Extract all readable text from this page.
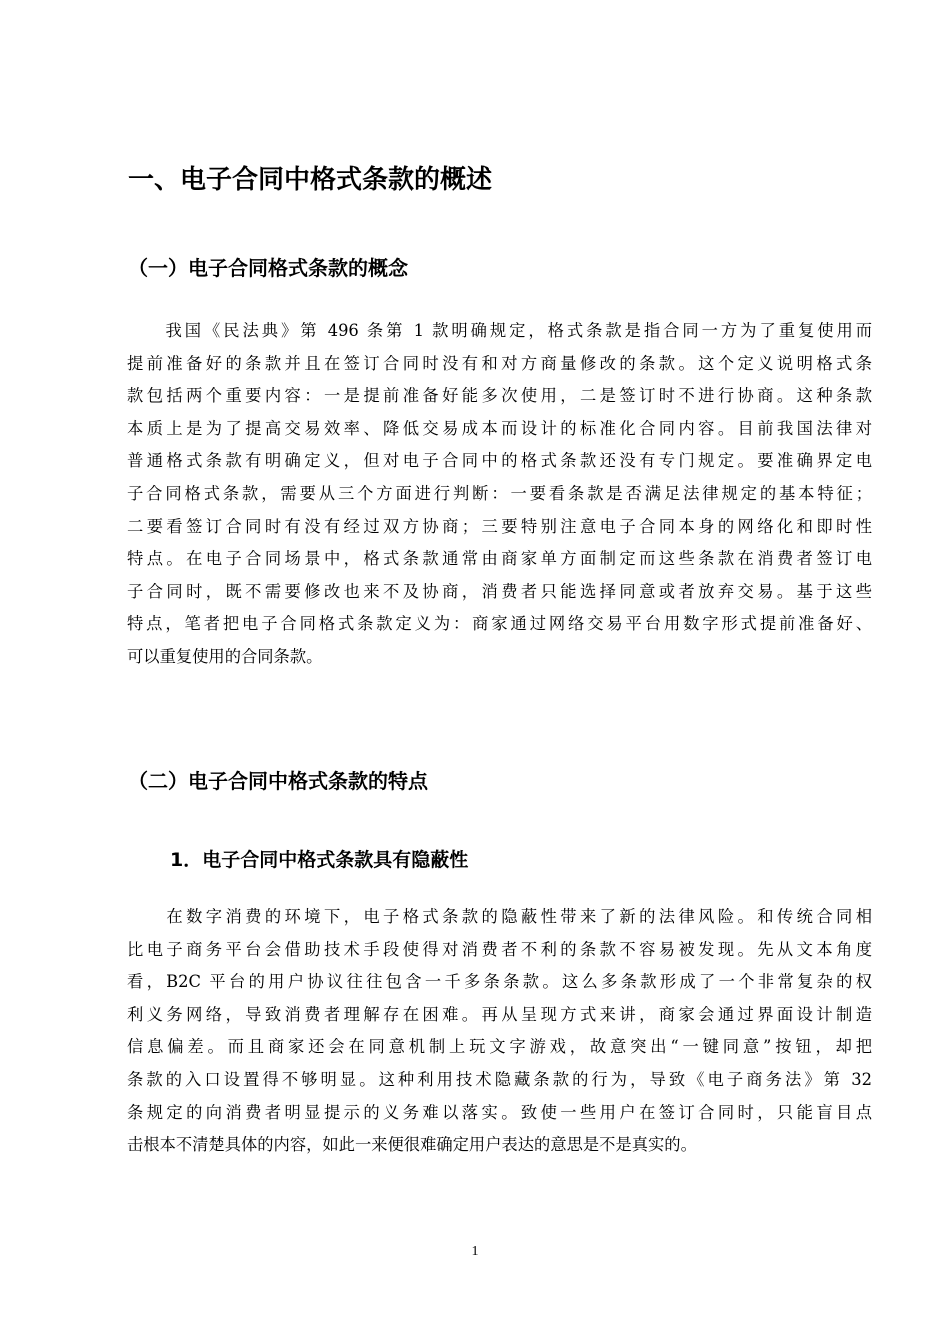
一、电子合同中格式条款的概述
（一）电子合同格式条款的概念
　　我国《民法典》第 496 条第 1 款明确规定，格式条款是指合同一方为了重复使用而
提前准备好的条款并且在签订合同时没有和对方商量修改的条款。这个定义说明格式条
款包括两个重要内容：一是提前准备好能多次使用，二是签订时不进行协商。这种条款
本质上是为了提高交易效率、降低交易成本而设计的标准化合同内容。目前我国法律对
普通格式条款有明确定义，但对电子合同中的格式条款还没有专门规定。要准确界定电
子合同格式条款，需要从三个方面进行判断：一要看条款是否满足法律规定的基本特征；
二要看签订合同时有没有经过双方协商；三要特别注意电子合同本身的网络化和即时性
特点。在电子合同场景中，格式条款通常由商家单方面制定而这些条款在消费者签订电
子合同时，既不需要修改也来不及协商，消费者只能选择同意或者放弃交易。基于这些
特点，笔者把电子合同格式条款定义为：商家通过网络交易平台用数字形式提前准备好、
可以重复使用的合同条款。
（二）电子合同中格式条款的特点
1．电子合同中格式条款具有隐蔽性
　　在数字消费的环境下，电子格式条款的隐蔽性带来了新的法律风险。和传统合同相
比电子商务平台会借助技术手段使得对消费者不利的条款不容易被发现。先从文本角度
看，B2C 平台的用户协议往往包含一千多条条款。这么多条款形成了一个非常复杂的权
利义务网络，导致消费者理解存在困难。再从呈现方式来讲，商家会通过界面设计制造
信息偏差。而且商家还会在同意机制上玩文字游戏，故意突出“一键同意”按钮，却把
条款的入口设置得不够明显。这种利用技术隐藏条款的行为，导致《电子商务法》第 32
条规定的向消费者明显提示的义务难以落实。致使一些用户在签订合同时，只能盲目点
击根本不清楚具体的内容，如此一来便很难确定用户表达的意思是不是真实的。
1
